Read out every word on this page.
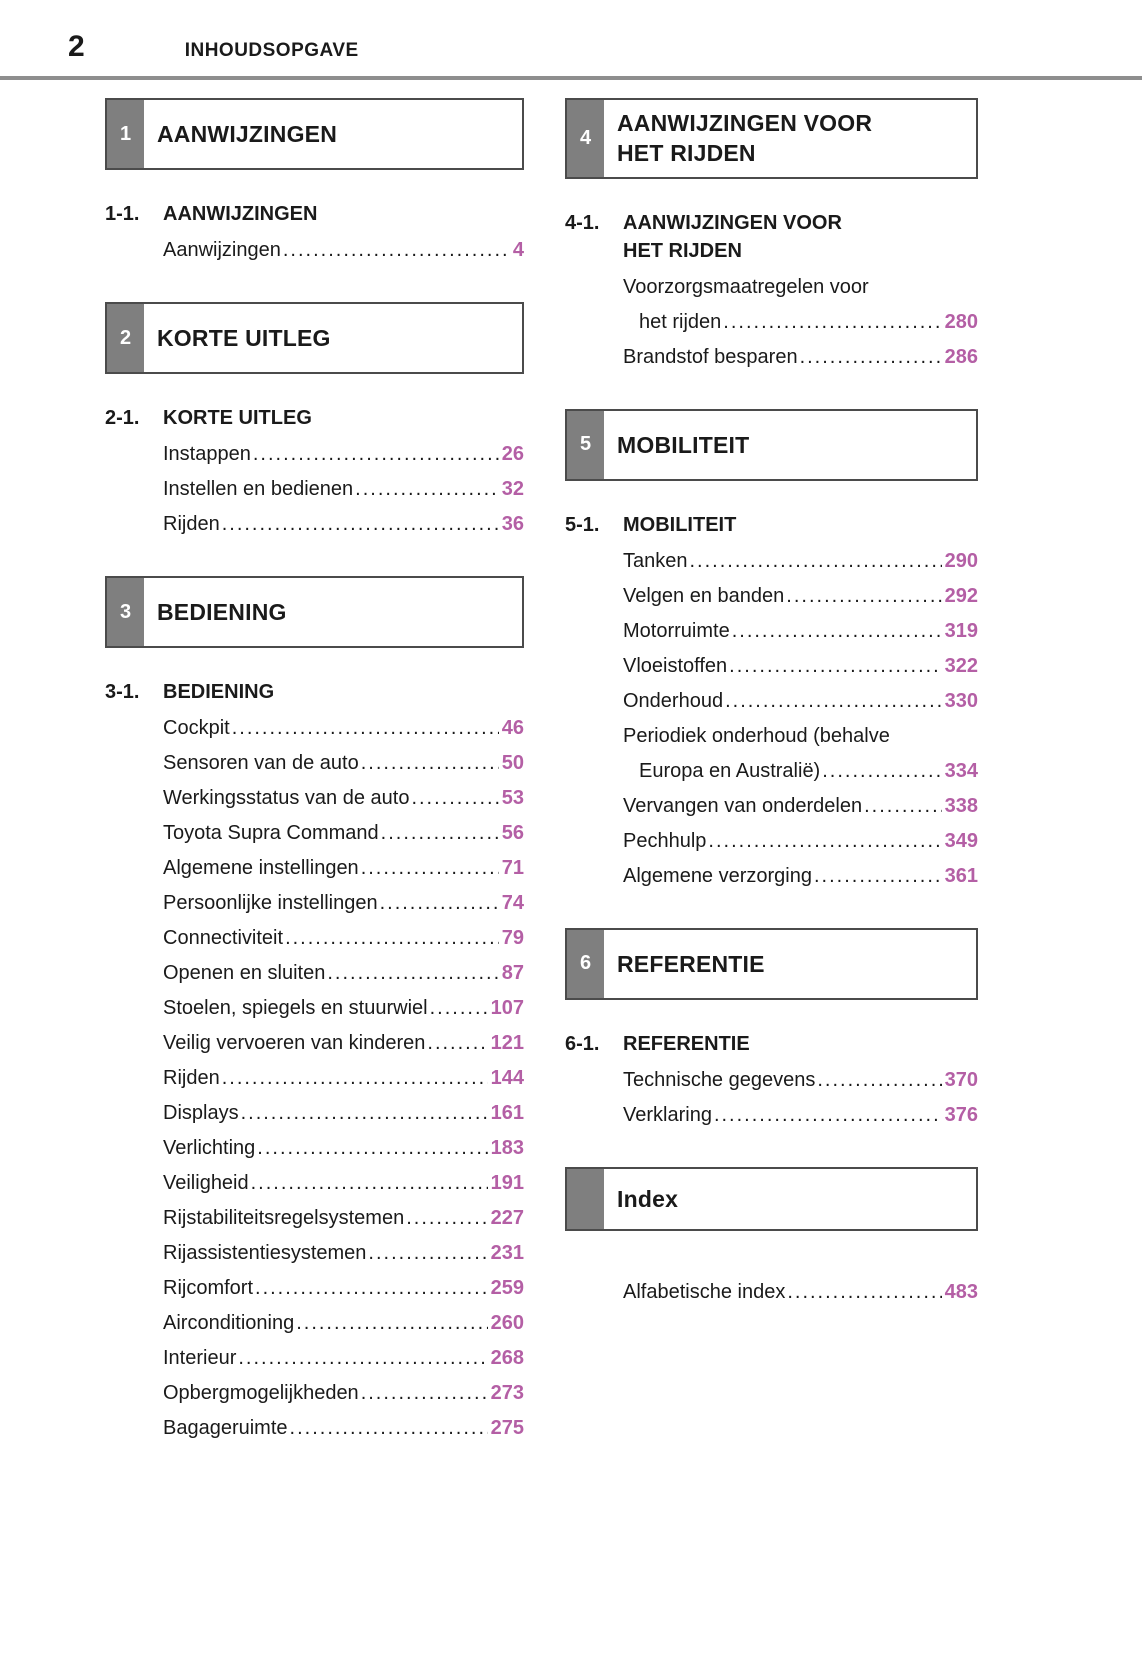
2	INHOUDSOPGAVE
1	AANWIJZINGEN
1-1.	AANWIJZINGEN
Aanwijzingen .....	4
2	KORTE UITLEG
2-1.	KORTE UITLEG
Instappen .....	26
Instellen en bedienen .....	32
Rijden .....	36
3	BEDIENING
3-1.	BEDIENING
Cockpit .....	46
Sensoren van de auto .....	50
Werkingsstatus van de auto .....	53
Toyota Supra Command .....	56
Algemene instellingen .....	71
Persoonlijke instellingen .....	74
Connectiviteit .....	79
Openen en sluiten .....	87
Stoelen, spiegels en stuurwiel .....	107
Veilig vervoeren van kinderen .....	121
Rijden .....	144
Displays .....	161
Verlichting .....	183
Veiligheid .....	191
Rijstabiliteitsregelsystemen .....	227
Rijassistentiesystemen .....	231
Rijcomfort .....	259
Airconditioning .....	260
Interieur .....	268
Opbergmogelijkheden .....	273
Bagageruimte .....	275
4
AANWIJZINGEN VOOR
HET RIJDEN
4-1.	AANWIJZINGEN VOOR
HET RIJDEN
Voorzorgsmaatregelen voor
het rijden .....	280
Brandstof besparen .....	286
5	MOBILITEIT
5-1.	MOBILITEIT
Tanken .....	290
Velgen en banden .....	292
Motorruimte .....	319
Vloeistoffen .....	322
Onderhoud .....	330
Periodiek onderhoud (behalve
Europa en Australië) .....	334
Vervangen van onderdelen .....	338
Pechhulp .....	349
Algemene verzorging .....	361
6	REFERENTIE
6-1.	REFERENTIE
Technische gegevens .....	370
Verklaring .....	376
Index
Alfabetische index .....	483
